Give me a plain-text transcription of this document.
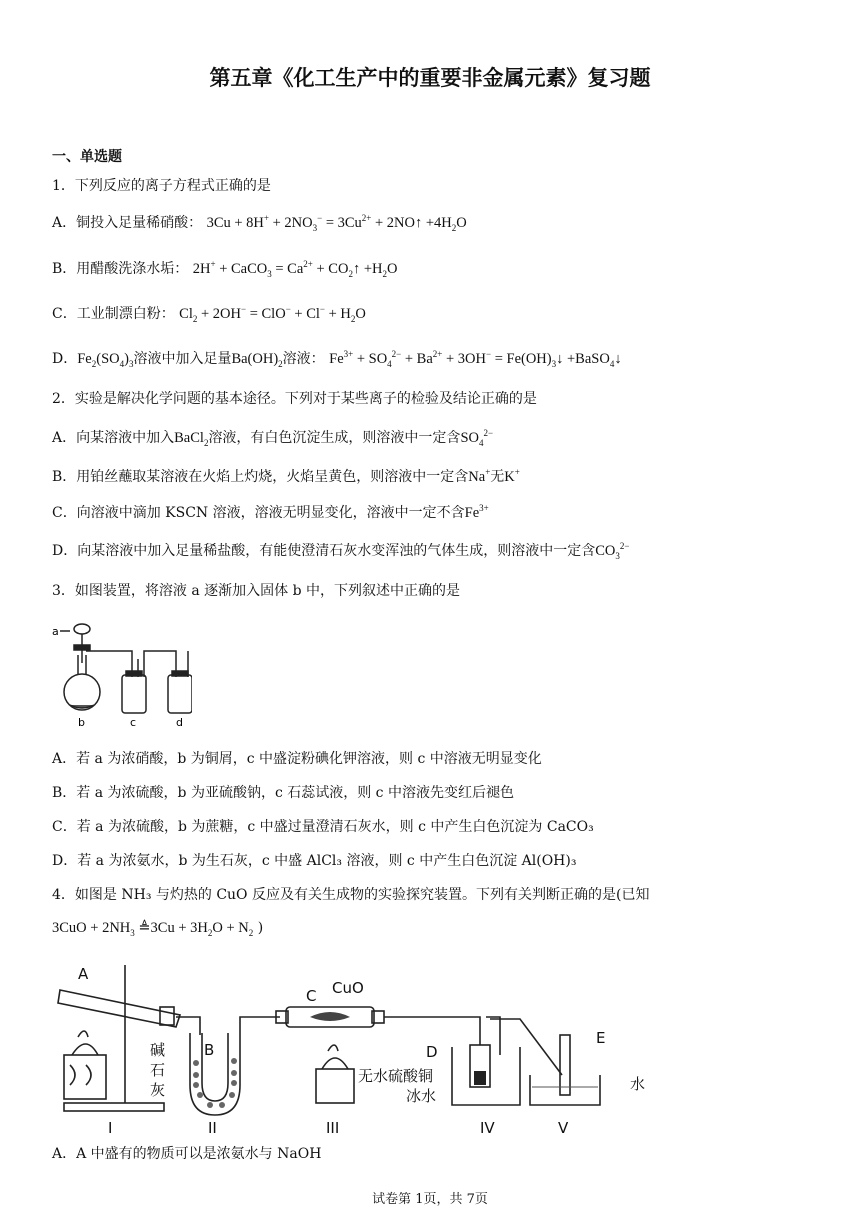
第五章《化工生产中的重要非金属元素》复习题
一、单选题
1．下列反应的离子方程式正确的是
A．铜投入足量稀硝酸： $3Cu + 8H^+ + 2NO_3^- = 3Cu^{2+}$ + 2NO↑ $+4H_2O$
B．用醋酸洗涤水垢： 2H+ + CaCO$_3$ = $Ca^{2+}$ + $CO_2↑ +H_2O$
C．工业制漂白粉： $Cl_2 + 2OH^- = ClO^- + Cl^- + H_2O$
D．$Fe_2(SO_4)_3$溶液中加入足量$Ba(OH)_2$溶液： $Fe^{3+} + SO_4^{2-} + Ba^{2+} + 3OH^-$ = $Fe(OH)_3↓$ +BaSO$_4$↓
2．实验是解决化学问题的基本途径。下列对于某些离子的检验及结论正确的是
A．向某溶液中加入BaCl$_2$溶液，有白色沉淀生成，则溶液中一定含$SO_4^{2-}$
B．用铂丝蘸取某溶液在火焰上灼烧，火焰呈黄色，则溶液中一定含Na+无K+
C．向溶液中滴加 KSCN 溶液，溶液无明显变化，溶液中一定不含$Fe^{3+}$
D．向某溶液中加入足量稀盐酸，有能使澄清石灰水变浑浊的气体生成，则溶液中一定含$CO_3^{2-}$
3．如图装置，将溶液 a 逐渐加入固体 b 中，下列叙述中正确的是
a
b	c	d
A．若 a 为浓硝酸，b 为铜屑，c 中盛淀粉碘化钾溶液，则 c 中溶液无明显变化
B．若 a 为浓硫酸，b 为亚硫酸钠，c 石蕊试液，则 c 中溶液先变红后褪色
C．若 a 为浓硫酸，b 为蔗糖，c 中盛过量澄清石灰水，则 c 中产生白色沉淀为 CaCO₃
D．若 a 为浓氨水，b 为生石灰，c 中盛 AlCl₃ 溶液，则 c 中产生白色沉淀 Al(OH)₃
4．如图是 NH₃ 与灼热的 CuO 反应及有关生成物的实验探究装置。下列有关判断正确的是(已知
$3CuO + 2NH_3$ ≜3Cu + $3H_2O + N_2$ )
A
B
C CuO
D
E
碱
石
灰
无水硫酸铜
冰水
水
I	II	III	IV	V
A．A 中盛有的物质可以是浓氨水与 NaOH
试卷第 1页，共 7页
